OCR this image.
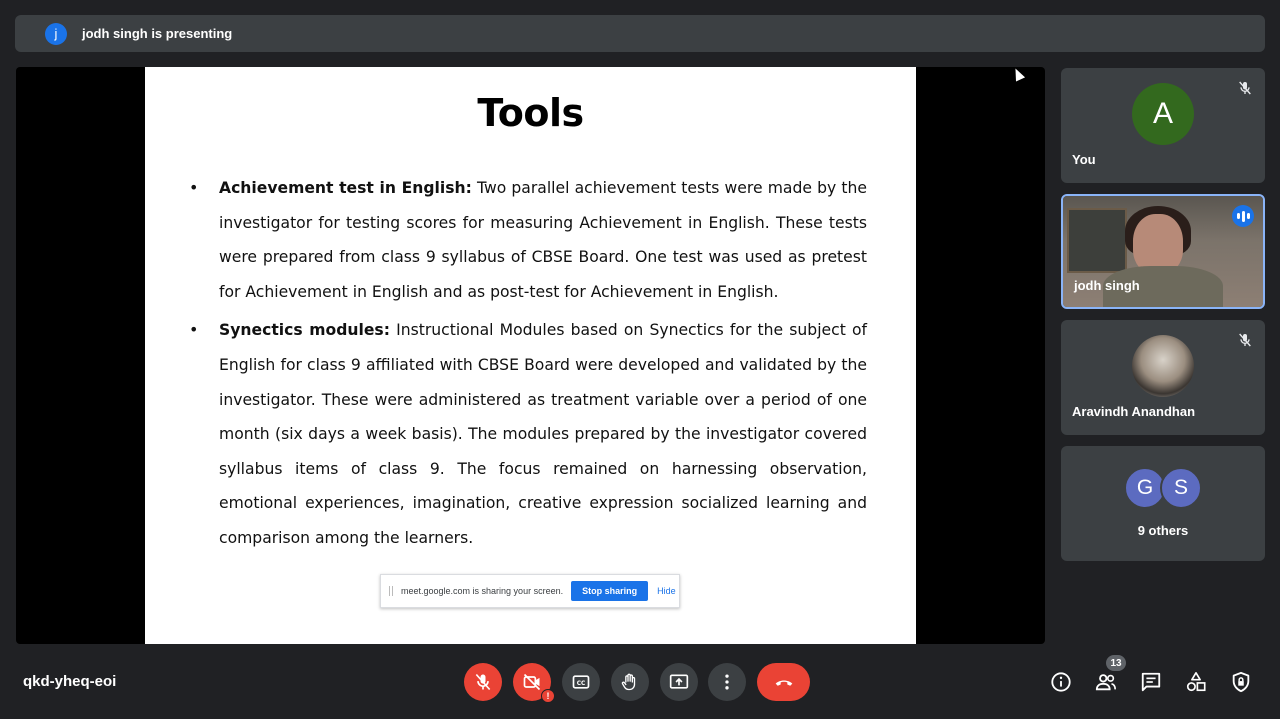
j	jodh singh is presenting
Tools
• Achievement test in English: Two parallel achievement tests were made by the investigator for testing scores for measuring Achievement in English. These tests were prepared from class 9 syllabus of CBSE Board. One test was used as pretest for Achievement in English and as post-test for Achievement in English.
• Synectics modules: Instructional Modules based on Synectics for the subject of English for class 9 affiliated with CBSE Board were developed and validated by the investigator. These were administered as treatment variable over a period of one month (six days a week basis). The modules prepared by the investigator covered syllabus items of class 9. The focus remained on harnessing observation, emotional experiences, imagination, creative expression socialized learning and comparison among the learners.
meet.google.com is sharing your screen.	Stop sharing	Hide
A
You
jodh singh
Aravindh Anandhan
G S
9 others
qkd-yheq-eoi
!
CC
13
